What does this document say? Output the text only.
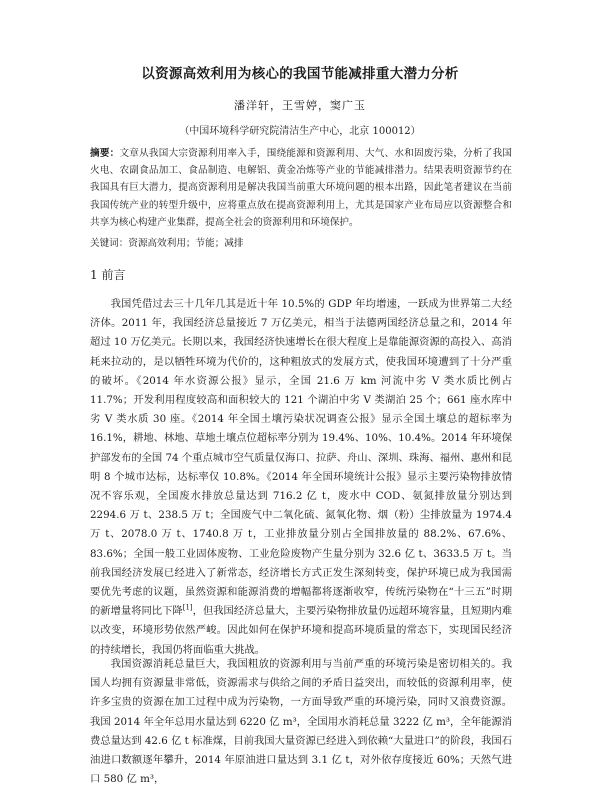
以资源高效利用为核心的我国节能减排重大潜力分析
潘洋轩，王雪婷，窦广玉
（中国环境科学研究院清洁生产中心，北京 100012）
摘要：文章从我国大宗资源利用率入手，围绕能源和资源利用、大气、水和固废污染，分析了我国火电、农副食品加工、食品制造、电解铝、黄金冶炼等产业的节能减排潜力。结果表明资源节约在我国具有巨大潜力，提高资源利用是解决我国当前重大环境问题的根本出路，因此笔者建议在当前我国传统产业的转型升级中，应将重点放在提高资源利用上，尤其是国家产业布局应以资源整合和共享为核心构建产业集群，提高全社会的资源利用和环境保护。
关键词：资源高效利用；节能；减排
1 前言
我国凭借过去三十几年几其是近十年 10.5%的 GDP 年均增速，一跃成为世界第二大经济体。2011 年，我国经济总量接近 7 万亿美元，相当于法德两国经济总量之和，2014 年超过 10 万亿美元。长期以来，我国经济快速增长在很大程度上是靠能源资源的高投入、高消耗来拉动的，是以牺牲环境为代价的，这种粗放式的发展方式，使我国环境遭到了十分严重的破坏。《2014 年水资源公报》显示，全国 21.6 万 km 河流中劣 V 类水质比例占 11.7%；开发利用程度较高和面积较大的 121 个湖泊中劣 V 类湖泊 25 个；661 座水库中劣 V 类水质 30 座。《2014 年全国土壤污染状况调查公报》显示全国土壤总的超标率为 16.1%，耕地、林地、草地土壤点位超标率分别为 19.4%、10%、10.4%。2014 年环境保护部发布的全国 74 个重点城市空气质量仅海口、拉萨、舟山、深圳、珠海、福州、惠州和昆明 8 个城市达标，达标率仅 10.8%。《2014 年全国环境统计公报》显示主要污染物排放情况不容乐观，全国废水排放总量达到 716.2 亿 t，废水中 COD、氨氮排放量分别达到 2294.6 万 t、238.5 万 t；全国废气中二氧化硫、氮氧化物、烟（粉）尘排放量为 1974.4 万 t、2078.0 万 t、1740.8 万 t，工业排放量分别占全国排放量的 88.2%、67.6%、83.6%；全国一般工业固体废物、工业危险废物产生量分别为 32.6 亿 t、3633.5 万 t。当前我国经济发展已经进入了新常态，经济增长方式正发生深刻转变，保护环境已成为我国需要优先考虑的议题，虽然资源和能源消费的增幅都将逐渐收窄，传统污染物在“十三五”时期的新增量将同比下降[1]，但我国经济总量大，主要污染物排放量仍远超环境容量，且短期内难以改变，环境形势依然严峻。因此如何在保护环境和提高环境质量的常态下，实现国民经济的持续增长，我国仍将面临重大挑战。
我国资源消耗总量巨大，我国粗放的资源利用与当前严重的环境污染是密切相关的。我国人均拥有资源量非常低，资源需求与供给之间的矛盾日益突出，而较低的资源利用率，使许多宝贵的资源在加工过程中成为污染物，一方面导致严重的环境污染，同时又浪费资源。我国 2014 年全年总用水量达到 6220 亿 m³，全国用水消耗总量 3222 亿 m³，全年能源消费总量达到 42.6 亿 t 标准煤，目前我国大量资源已经进入到依赖“大量进口”的阶段，我国石油进口数额逐年攀升，2014 年原油进口量达到 3.1 亿 t，对外依存度接近 60%；天然气进口 580 亿 m³，
